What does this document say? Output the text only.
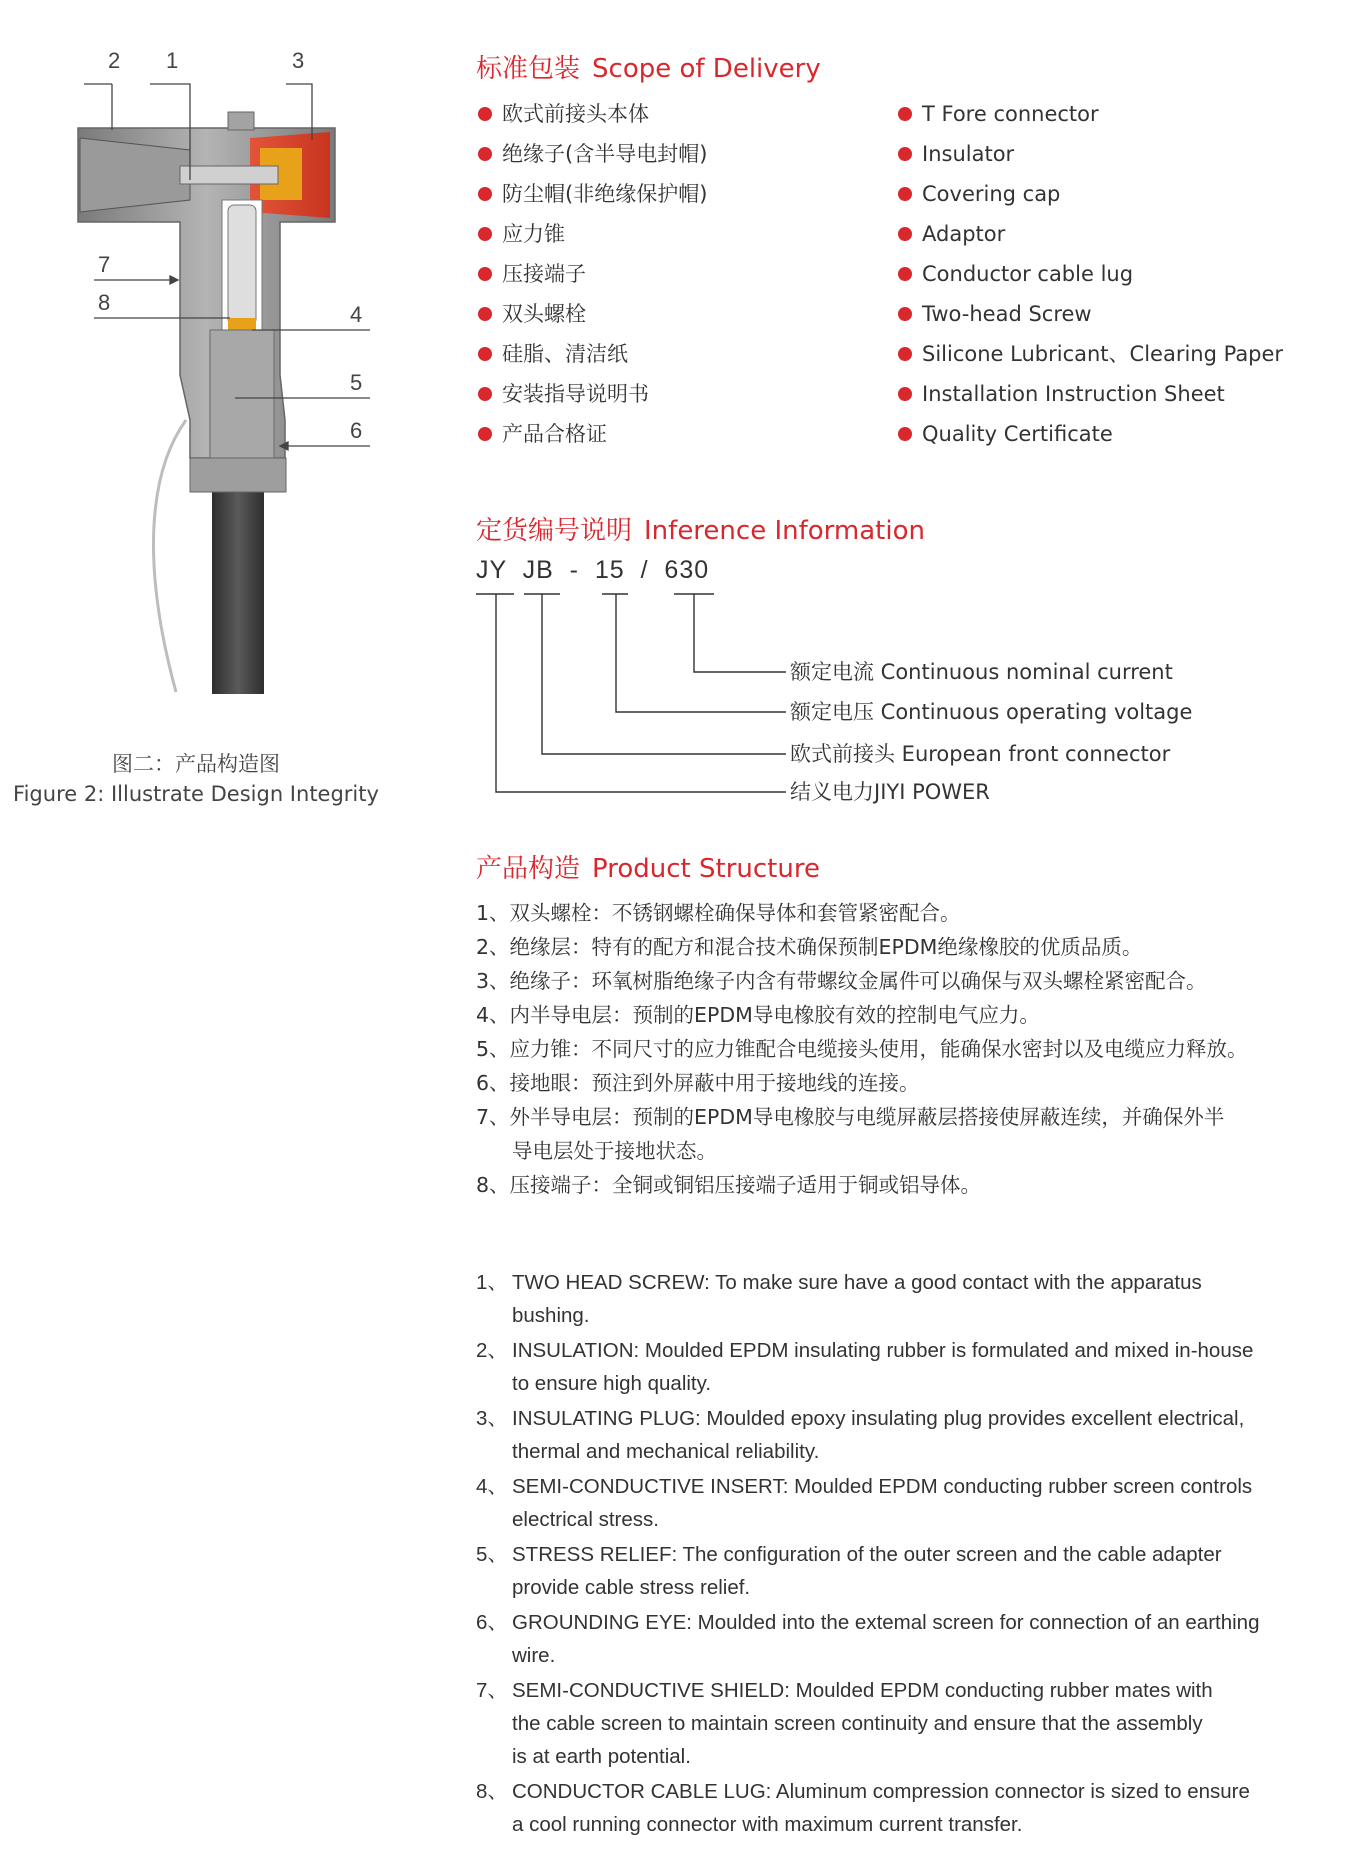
2 1	3
7
8	4
5
6
图二：产品构造图
Figure 2: Illustrate Design Integrity
标准包装 Scope of Delivery
欧式前接头本体
绝缘子(含半导电封帽)
防尘帽(非绝缘保护帽)
应力锥
压接端子
双头螺栓
硅脂、清洁纸
安装指导说明书
产品合格证
T Fore connector
Insulator
Covering cap
Adaptor
Conductor cable lug
Two-head Screw
Silicone Lubricant、Clearing Paper
Installation Instruction Sheet
Quality Certificate
定货编号说明 Inference Information
JY  JB  -  15  /  630
额定电流 Continuous nominal current
额定电压 Continuous operating voltage
欧式前接头 European front connector
结义电力JIYI POWER
产品构造 Product Structure
1、双头螺栓：不锈钢螺栓确保导体和套管紧密配合。
2、绝缘层：特有的配方和混合技术确保预制EPDM绝缘橡胶的优质品质。
3、绝缘子：环氧树脂绝缘子内含有带螺纹金属件可以确保与双头螺栓紧密配合。
4、内半导电层：预制的EPDM导电橡胶有效的控制电气应力。
5、应力锥：不同尺寸的应力锥配合电缆接头使用，能确保水密封以及电缆应力释放。
6、接地眼：预注到外屏蔽中用于接地线的连接。
7、外半导电层：预制的EPDM导电橡胶与电缆屏蔽层搭接使屏蔽连续，并确保外半
导电层处于接地状态。
8、压接端子：全铜或铜铝压接端子适用于铜或铝导体。
1、 TWO HEAD SCREW: To make sure have a good contact with the apparatus
bushing.
2、 INSULATION: Moulded EPDM insulating rubber is formulated and mixed in-house
to ensure high quality.
3、 INSULATING PLUG: Moulded epoxy insulating plug provides excellent electrical,
thermal and mechanical reliability.
4、 SEMI-CONDUCTIVE INSERT: Moulded EPDM conducting rubber screen controls
electrical stress.
5、 STRESS RELIEF: The configuration of the outer screen and the cable adapter
provide cable stress relief.
6、 GROUNDING EYE: Moulded into the extemal screen for connection of an earthing
wire.
7、 SEMI-CONDUCTIVE SHIELD: Moulded EPDM conducting rubber mates with
the cable screen to maintain screen continuity and ensure that the assembly
is at earth potential.
8、 CONDUCTOR CABLE LUG: Aluminum compression connector is sized to ensure
a cool running connector with maximum current transfer.
